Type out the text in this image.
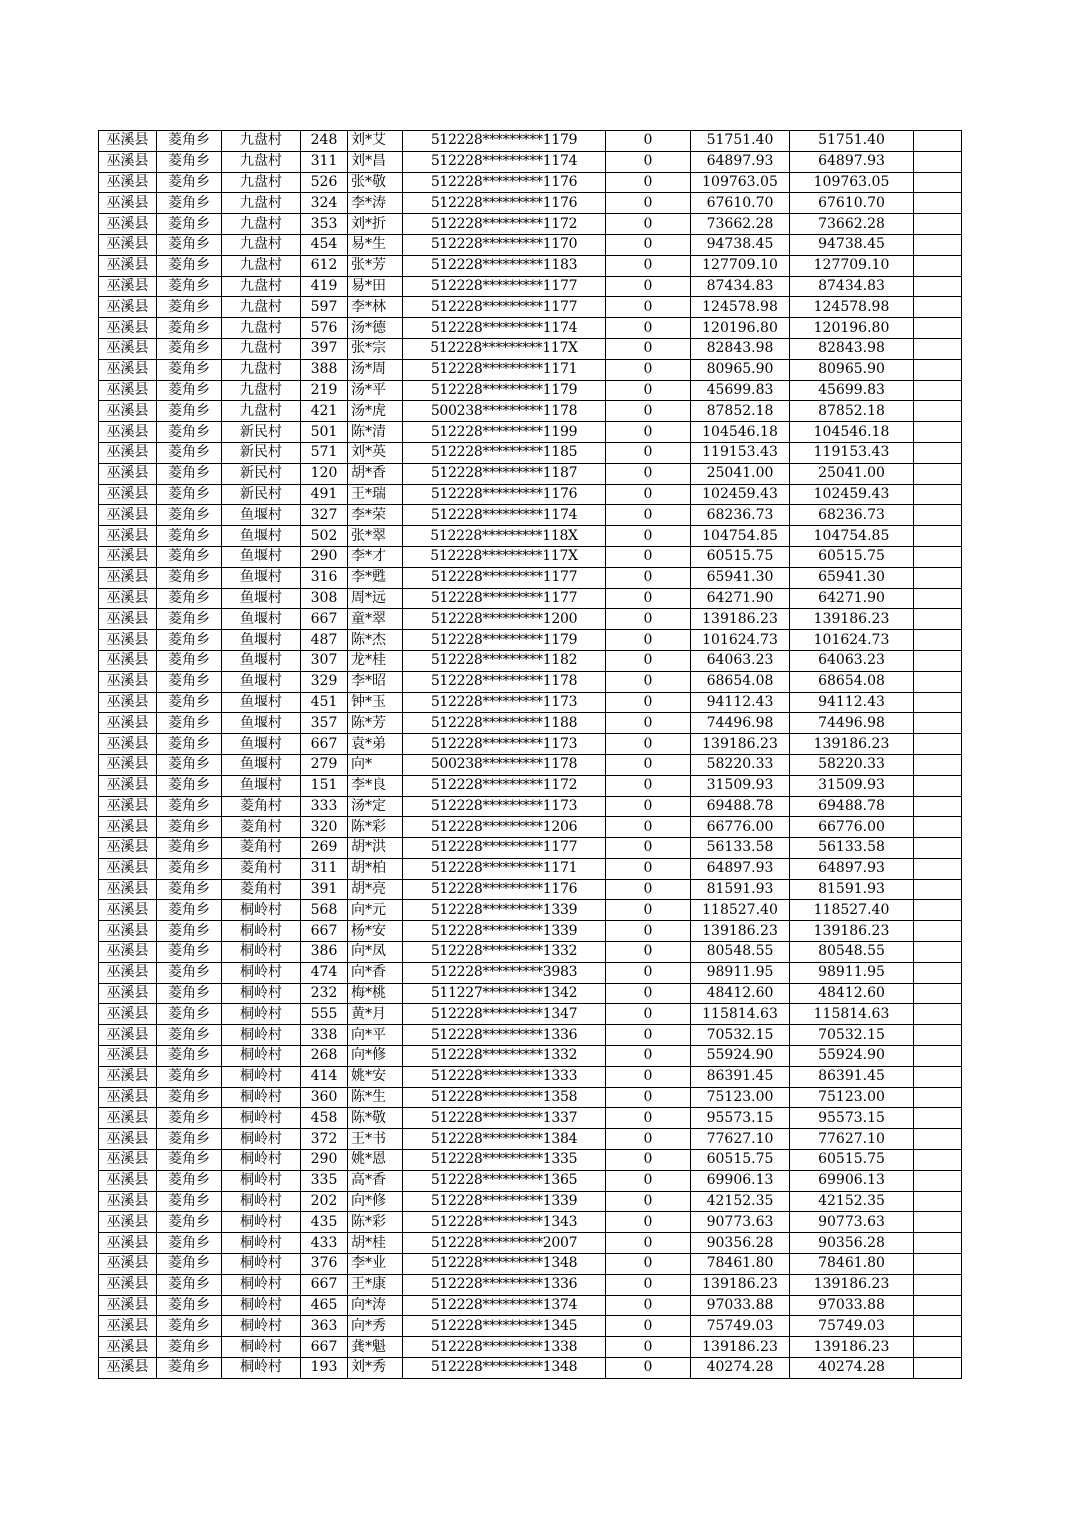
巫溪县	菱角乡	九盘村	248	刘*艾	512228*********1179	0	51751.40	51751.40	
巫溪县	菱角乡	九盘村	311	刘*昌	512228*********1174	0	64897.93	64897.93	
巫溪县	菱角乡	九盘村	526	张*敬	512228*********1176	0	109763.05	109763.05	
巫溪县	菱角乡	九盘村	324	李*涛	512228*********1176	0	67610.70	67610.70	
巫溪县	菱角乡	九盘村	353	刘*折	512228*********1172	0	73662.28	73662.28	
巫溪县	菱角乡	九盘村	454	易*生	512228*********1170	0	94738.45	94738.45	
巫溪县	菱角乡	九盘村	612	张*芳	512228*********1183	0	127709.10	127709.10	
巫溪县	菱角乡	九盘村	419	易*田	512228*********1177	0	87434.83	87434.83	
巫溪县	菱角乡	九盘村	597	李*林	512228*********1177	0	124578.98	124578.98	
巫溪县	菱角乡	九盘村	576	汤*德	512228*********1174	0	120196.80	120196.80	
巫溪县	菱角乡	九盘村	397	张*宗	512228*********117X	0	82843.98	82843.98	
巫溪县	菱角乡	九盘村	388	汤*周	512228*********1171	0	80965.90	80965.90	
巫溪县	菱角乡	九盘村	219	汤*平	512228*********1179	0	45699.83	45699.83	
巫溪县	菱角乡	九盘村	421	汤*虎	500238*********1178	0	87852.18	87852.18	
巫溪县	菱角乡	新民村	501	陈*清	512228*********1199	0	104546.18	104546.18	
巫溪县	菱角乡	新民村	571	刘*英	512228*********1185	0	119153.43	119153.43	
巫溪县	菱角乡	新民村	120	胡*香	512228*********1187	0	25041.00	25041.00	
巫溪县	菱角乡	新民村	491	王*瑞	512228*********1176	0	102459.43	102459.43	
巫溪县	菱角乡	鱼堰村	327	李*荣	512228*********1174	0	68236.73	68236.73	
巫溪县	菱角乡	鱼堰村	502	张*翠	512228*********118X	0	104754.85	104754.85	
巫溪县	菱角乡	鱼堰村	290	李*才	512228*********117X	0	60515.75	60515.75	
巫溪县	菱角乡	鱼堰村	316	李*甦	512228*********1177	0	65941.30	65941.30	
巫溪县	菱角乡	鱼堰村	308	周*远	512228*********1177	0	64271.90	64271.90	
巫溪县	菱角乡	鱼堰村	667	童*翠	512228*********1200	0	139186.23	139186.23	
巫溪县	菱角乡	鱼堰村	487	陈*杰	512228*********1179	0	101624.73	101624.73	
巫溪县	菱角乡	鱼堰村	307	龙*桂	512228*********1182	0	64063.23	64063.23	
巫溪县	菱角乡	鱼堰村	329	李*昭	512228*********1178	0	68654.08	68654.08	
巫溪县	菱角乡	鱼堰村	451	钟*玉	512228*********1173	0	94112.43	94112.43	
巫溪县	菱角乡	鱼堰村	357	陈*芳	512228*********1188	0	74496.98	74496.98	
巫溪县	菱角乡	鱼堰村	667	袁*弟	512228*********1173	0	139186.23	139186.23	
巫溪县	菱角乡	鱼堰村	279	向*	500238*********1178	0	58220.33	58220.33	
巫溪县	菱角乡	鱼堰村	151	李*良	512228*********1172	0	31509.93	31509.93	
巫溪县	菱角乡	菱角村	333	汤*定	512228*********1173	0	69488.78	69488.78	
巫溪县	菱角乡	菱角村	320	陈*彩	512228*********1206	0	66776.00	66776.00	
巫溪县	菱角乡	菱角村	269	胡*洪	512228*********1177	0	56133.58	56133.58	
巫溪县	菱角乡	菱角村	311	胡*柏	512228*********1171	0	64897.93	64897.93	
巫溪县	菱角乡	菱角村	391	胡*亮	512228*********1176	0	81591.93	81591.93	
巫溪县	菱角乡	桐岭村	568	向*元	512228*********1339	0	118527.40	118527.40	
巫溪县	菱角乡	桐岭村	667	杨*安	512228*********1339	0	139186.23	139186.23	
巫溪县	菱角乡	桐岭村	386	向*凤	512228*********1332	0	80548.55	80548.55	
巫溪县	菱角乡	桐岭村	474	向*香	512228*********3983	0	98911.95	98911.95	
巫溪县	菱角乡	桐岭村	232	梅*桃	511227*********1342	0	48412.60	48412.60	
巫溪县	菱角乡	桐岭村	555	黄*月	512228*********1347	0	115814.63	115814.63	
巫溪县	菱角乡	桐岭村	338	向*平	512228*********1336	0	70532.15	70532.15	
巫溪县	菱角乡	桐岭村	268	向*修	512228*********1332	0	55924.90	55924.90	
巫溪县	菱角乡	桐岭村	414	姚*安	512228*********1333	0	86391.45	86391.45	
巫溪县	菱角乡	桐岭村	360	陈*生	512228*********1358	0	75123.00	75123.00	
巫溪县	菱角乡	桐岭村	458	陈*敬	512228*********1337	0	95573.15	95573.15	
巫溪县	菱角乡	桐岭村	372	王*书	512228*********1384	0	77627.10	77627.10	
巫溪县	菱角乡	桐岭村	290	姚*恩	512228*********1335	0	60515.75	60515.75	
巫溪县	菱角乡	桐岭村	335	高*香	512228*********1365	0	69906.13	69906.13	
巫溪县	菱角乡	桐岭村	202	向*修	512228*********1339	0	42152.35	42152.35	
巫溪县	菱角乡	桐岭村	435	陈*彩	512228*********1343	0	90773.63	90773.63	
巫溪县	菱角乡	桐岭村	433	胡*桂	512228*********2007	0	90356.28	90356.28	
巫溪县	菱角乡	桐岭村	376	李*业	512228*********1348	0	78461.80	78461.80	
巫溪县	菱角乡	桐岭村	667	王*康	512228*********1336	0	139186.23	139186.23	
巫溪县	菱角乡	桐岭村	465	向*涛	512228*********1374	0	97033.88	97033.88	
巫溪县	菱角乡	桐岭村	363	向*秀	512228*********1345	0	75749.03	75749.03	
巫溪县	菱角乡	桐岭村	667	龚*魁	512228*********1338	0	139186.23	139186.23	
巫溪县	菱角乡	桐岭村	193	刘*秀	512228*********1348	0	40274.28	40274.28	
